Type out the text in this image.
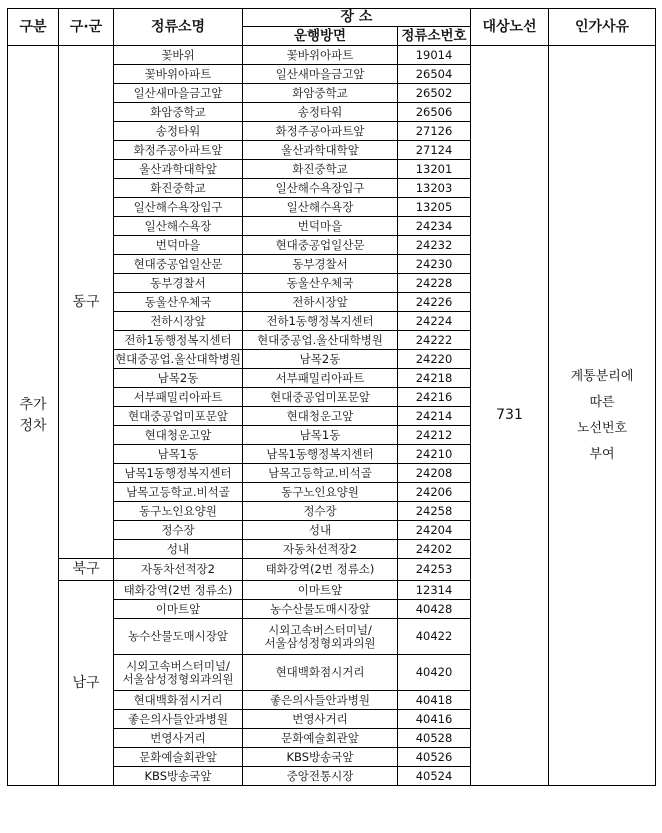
구분	구·군	정류소명	장 소		대상노선	인가사유
			운행방면	정류소번호		
추가
정차	동구	꽃바위	꽃바위아파트	19014	731	계통분리에
따른
노선번호
부여
		꽃바위아파트	일산새마을금고앞	26504		
		일산새마을금고앞	화암중학교	26502		
		화암중학교	송정타워	26506		
		송정타워	화정주공아파트앞	27126		
		화정주공아파트앞	울산과학대학앞	27124		
		울산과학대학앞	화진중학교	13201		
		화진중학교	일산해수욕장입구	13203		
		일산해수욕장입구	일산해수욕장	13205		
		일산해수욕장	번덕마을	24234		
		번덕마을	현대중공업일산문	24232		
		현대중공업일산문	동부경찰서	24230		
		동부경찰서	동울산우체국	24228		
		동울산우체국	전하시장앞	24226		
		전하시장앞	전하1동행정복지센터	24224		
		전하1동행정복지센터	현대중공업.울산대학병원	24222		
		현대중공업.울산대학병원	남목2동	24220		
		남목2동	서부패밀리아파트	24218		
		서부패밀리아파트	현대중공업미포문앞	24216		
		현대중공업미포문앞	현대청운고앞	24214		
		현대청운고앞	남목1동	24212		
		남목1동	남목1동행정복지센터	24210		
		남목1동행정복지센터	남목고등학교.비석골	24208		
		남목고등학교.비석골	동구노인요양원	24206		
		동구노인요양원	정수장	24258		
		정수장	성내	24204		
		성내	자동차선적장2	24202		
	북구	자동차선적장2	태화강역(2번 정류소)	24253		
	남구	태화강역(2번 정류소)	이마트앞	12314		
		이마트앞	농수산물도매시장앞	40428		
		농수산물도매시장앞	시외고속버스터미널/
서울삼성정형외과의원	40422		
		시외고속버스터미널/
서울삼성정형외과의원	현대백화점시거리	40420		
		현대백화점시거리	좋은의사들안과병원	40418		
		좋은의사들안과병원	번영사거리	40416		
		번영사거리	문화예술회관앞	40528		
		문화예술회관앞	KBS방송국앞	40526		
		KBS방송국앞	중앙전통시장	40524		
